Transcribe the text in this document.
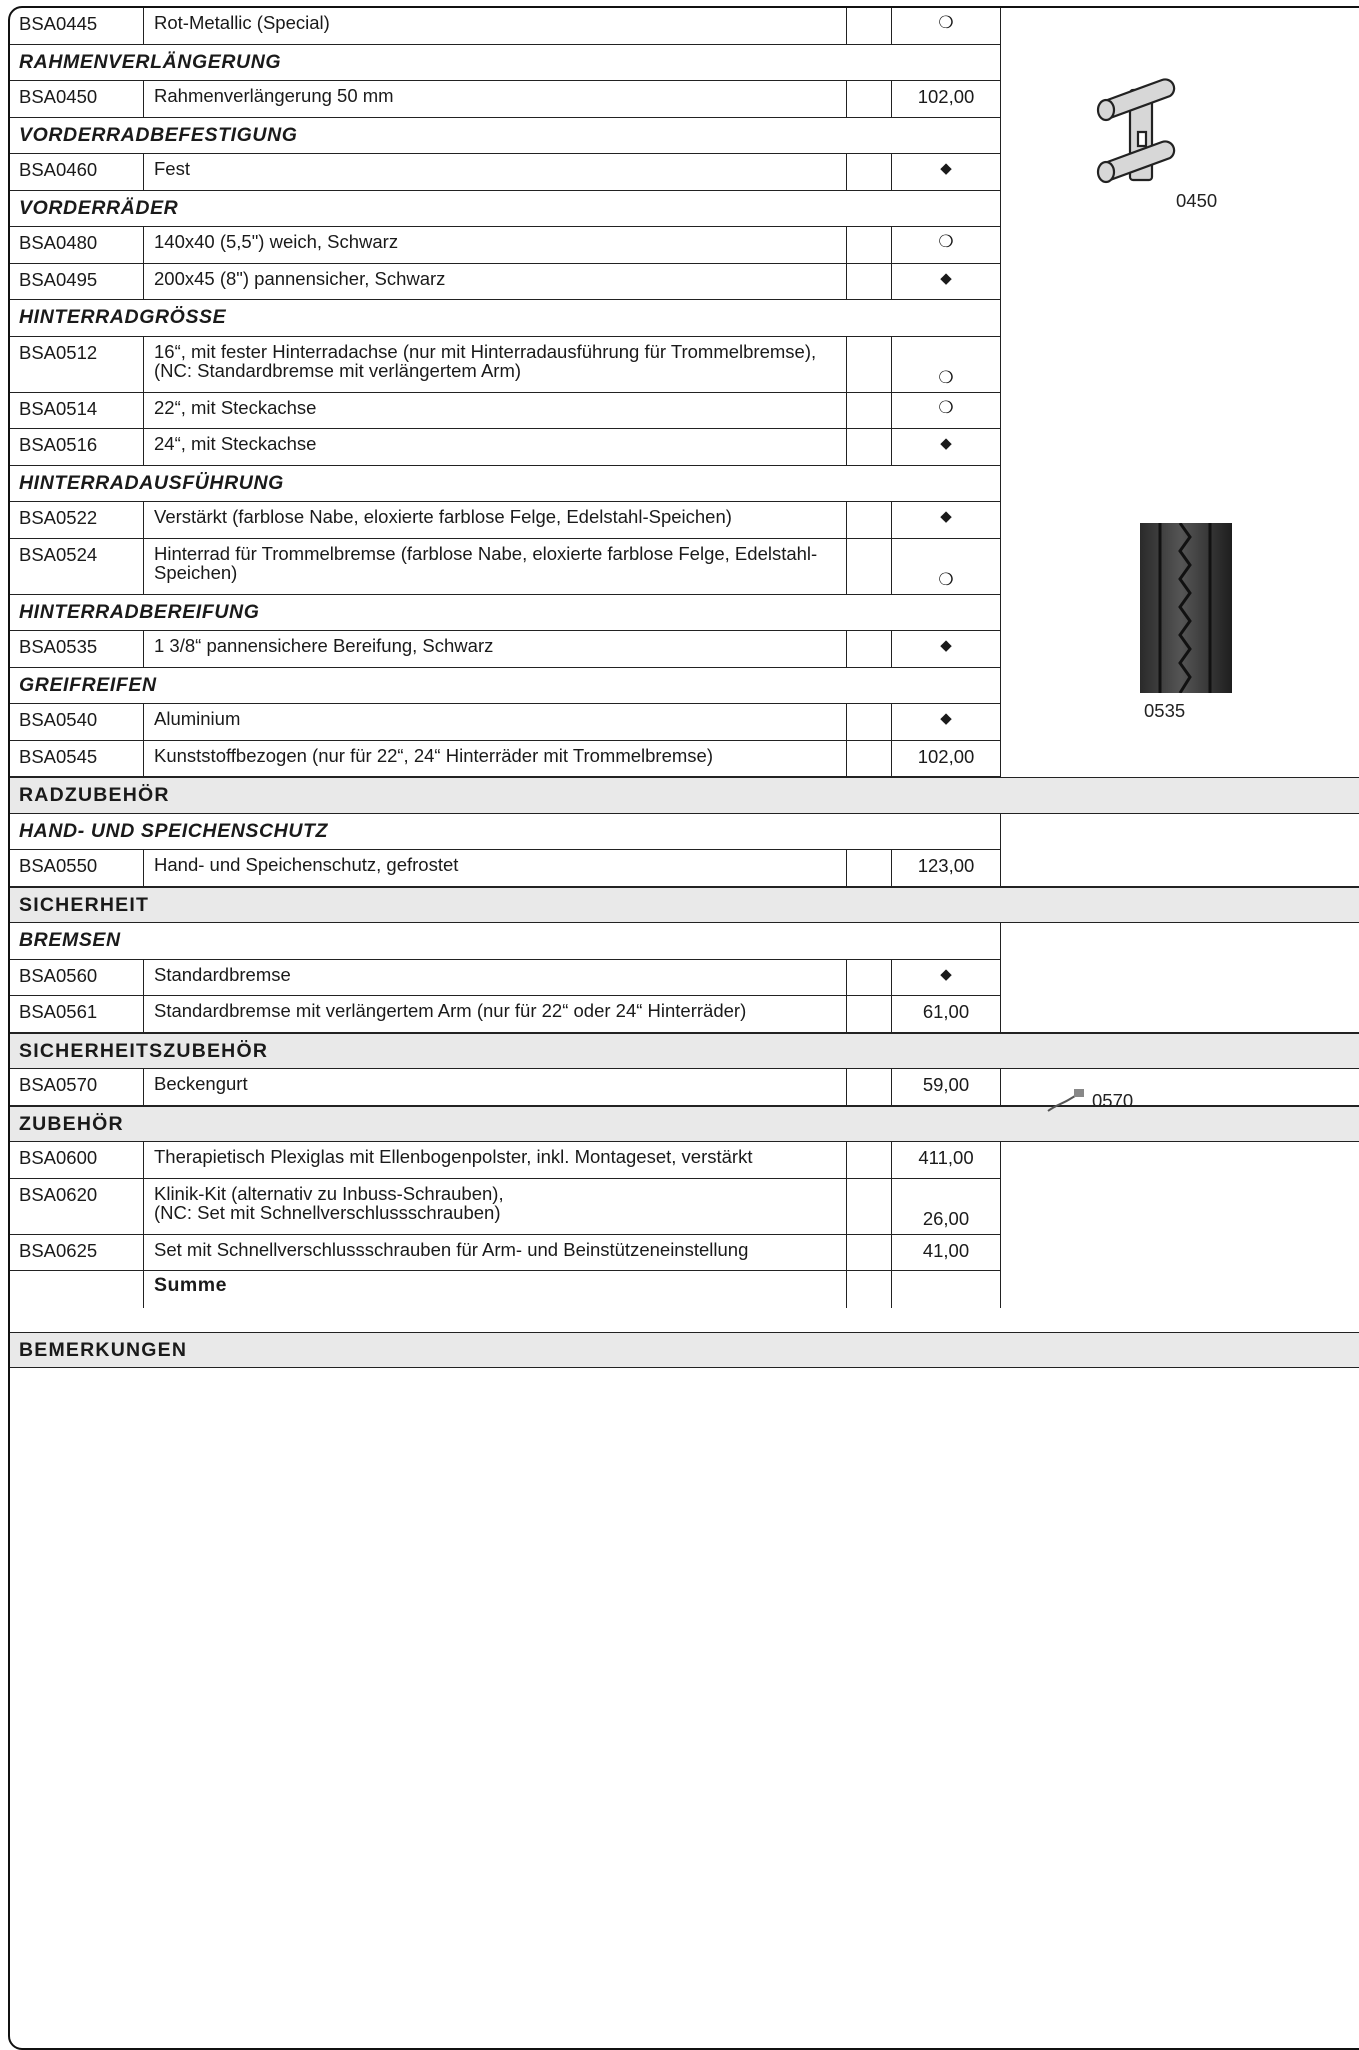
BSA0445	Rot-Metallic (Special)	❍
RAHMENVERLÄNGERUNG
BSA0450	Rahmenverlängerung 50 mm	102,00
VORDERRADBEFESTIGUNG
BSA0460	Fest	◆
VORDERRÄDER
BSA0480	140x40 (5,5") weich, Schwarz	❍
BSA0495	200x45 (8") pannensicher, Schwarz	◆
HINTERRADGRÖSSE
BSA0512	16“, mit fester Hinterradachse (nur mit Hinterradausführung für Trommelbremse), (NC: Standardbremse mit verlängertem Arm)	❍
BSA0514	22“, mit Steckachse	❍
BSA0516	24“, mit Steckachse	◆
HINTERRADAUSFÜHRUNG
BSA0522	Verstärkt (farblose Nabe, eloxierte farblose Felge, Edelstahl-Speichen)	◆
BSA0524	Hinterrad für Trommelbremse (farblose Nabe, eloxierte farblose Felge, Edelstahl-Speichen)	❍
HINTERRADBEREIFUNG
BSA0535	1 3/8“ pannensichere Bereifung, Schwarz	◆
GREIFREIFEN
BSA0540	Aluminium	◆
BSA0545	Kunststoffbezogen (nur für 22“, 24“ Hinterräder mit Trommelbremse)	102,00
RADZUBEHÖR
HAND- UND SPEICHENSCHUTZ
BSA0550	Hand- und Speichenschutz, gefrostet	123,00
SICHERHEIT
BREMSEN
BSA0560	Standardbremse	◆
BSA0561	Standardbremse mit verlängertem Arm (nur für 22“ oder 24“ Hinterräder)	61,00
SICHERHEITSZUBEHÖR
BSA0570	Beckengurt	59,00
ZUBEHÖR
BSA0600	Therapietisch Plexiglas mit Ellenbogenpolster, inkl. Montageset, verstärkt	411,00
BSA0620	Klinik-Kit (alternativ zu Inbuss-Schrauben),
(NC: Set mit Schnellverschlussschrauben)	26,00
BSA0625	Set mit Schnellverschlussschrauben für Arm- und Beinstützeneinstellung	41,00
Summe
BEMERKUNGEN
0450
0535
0570
